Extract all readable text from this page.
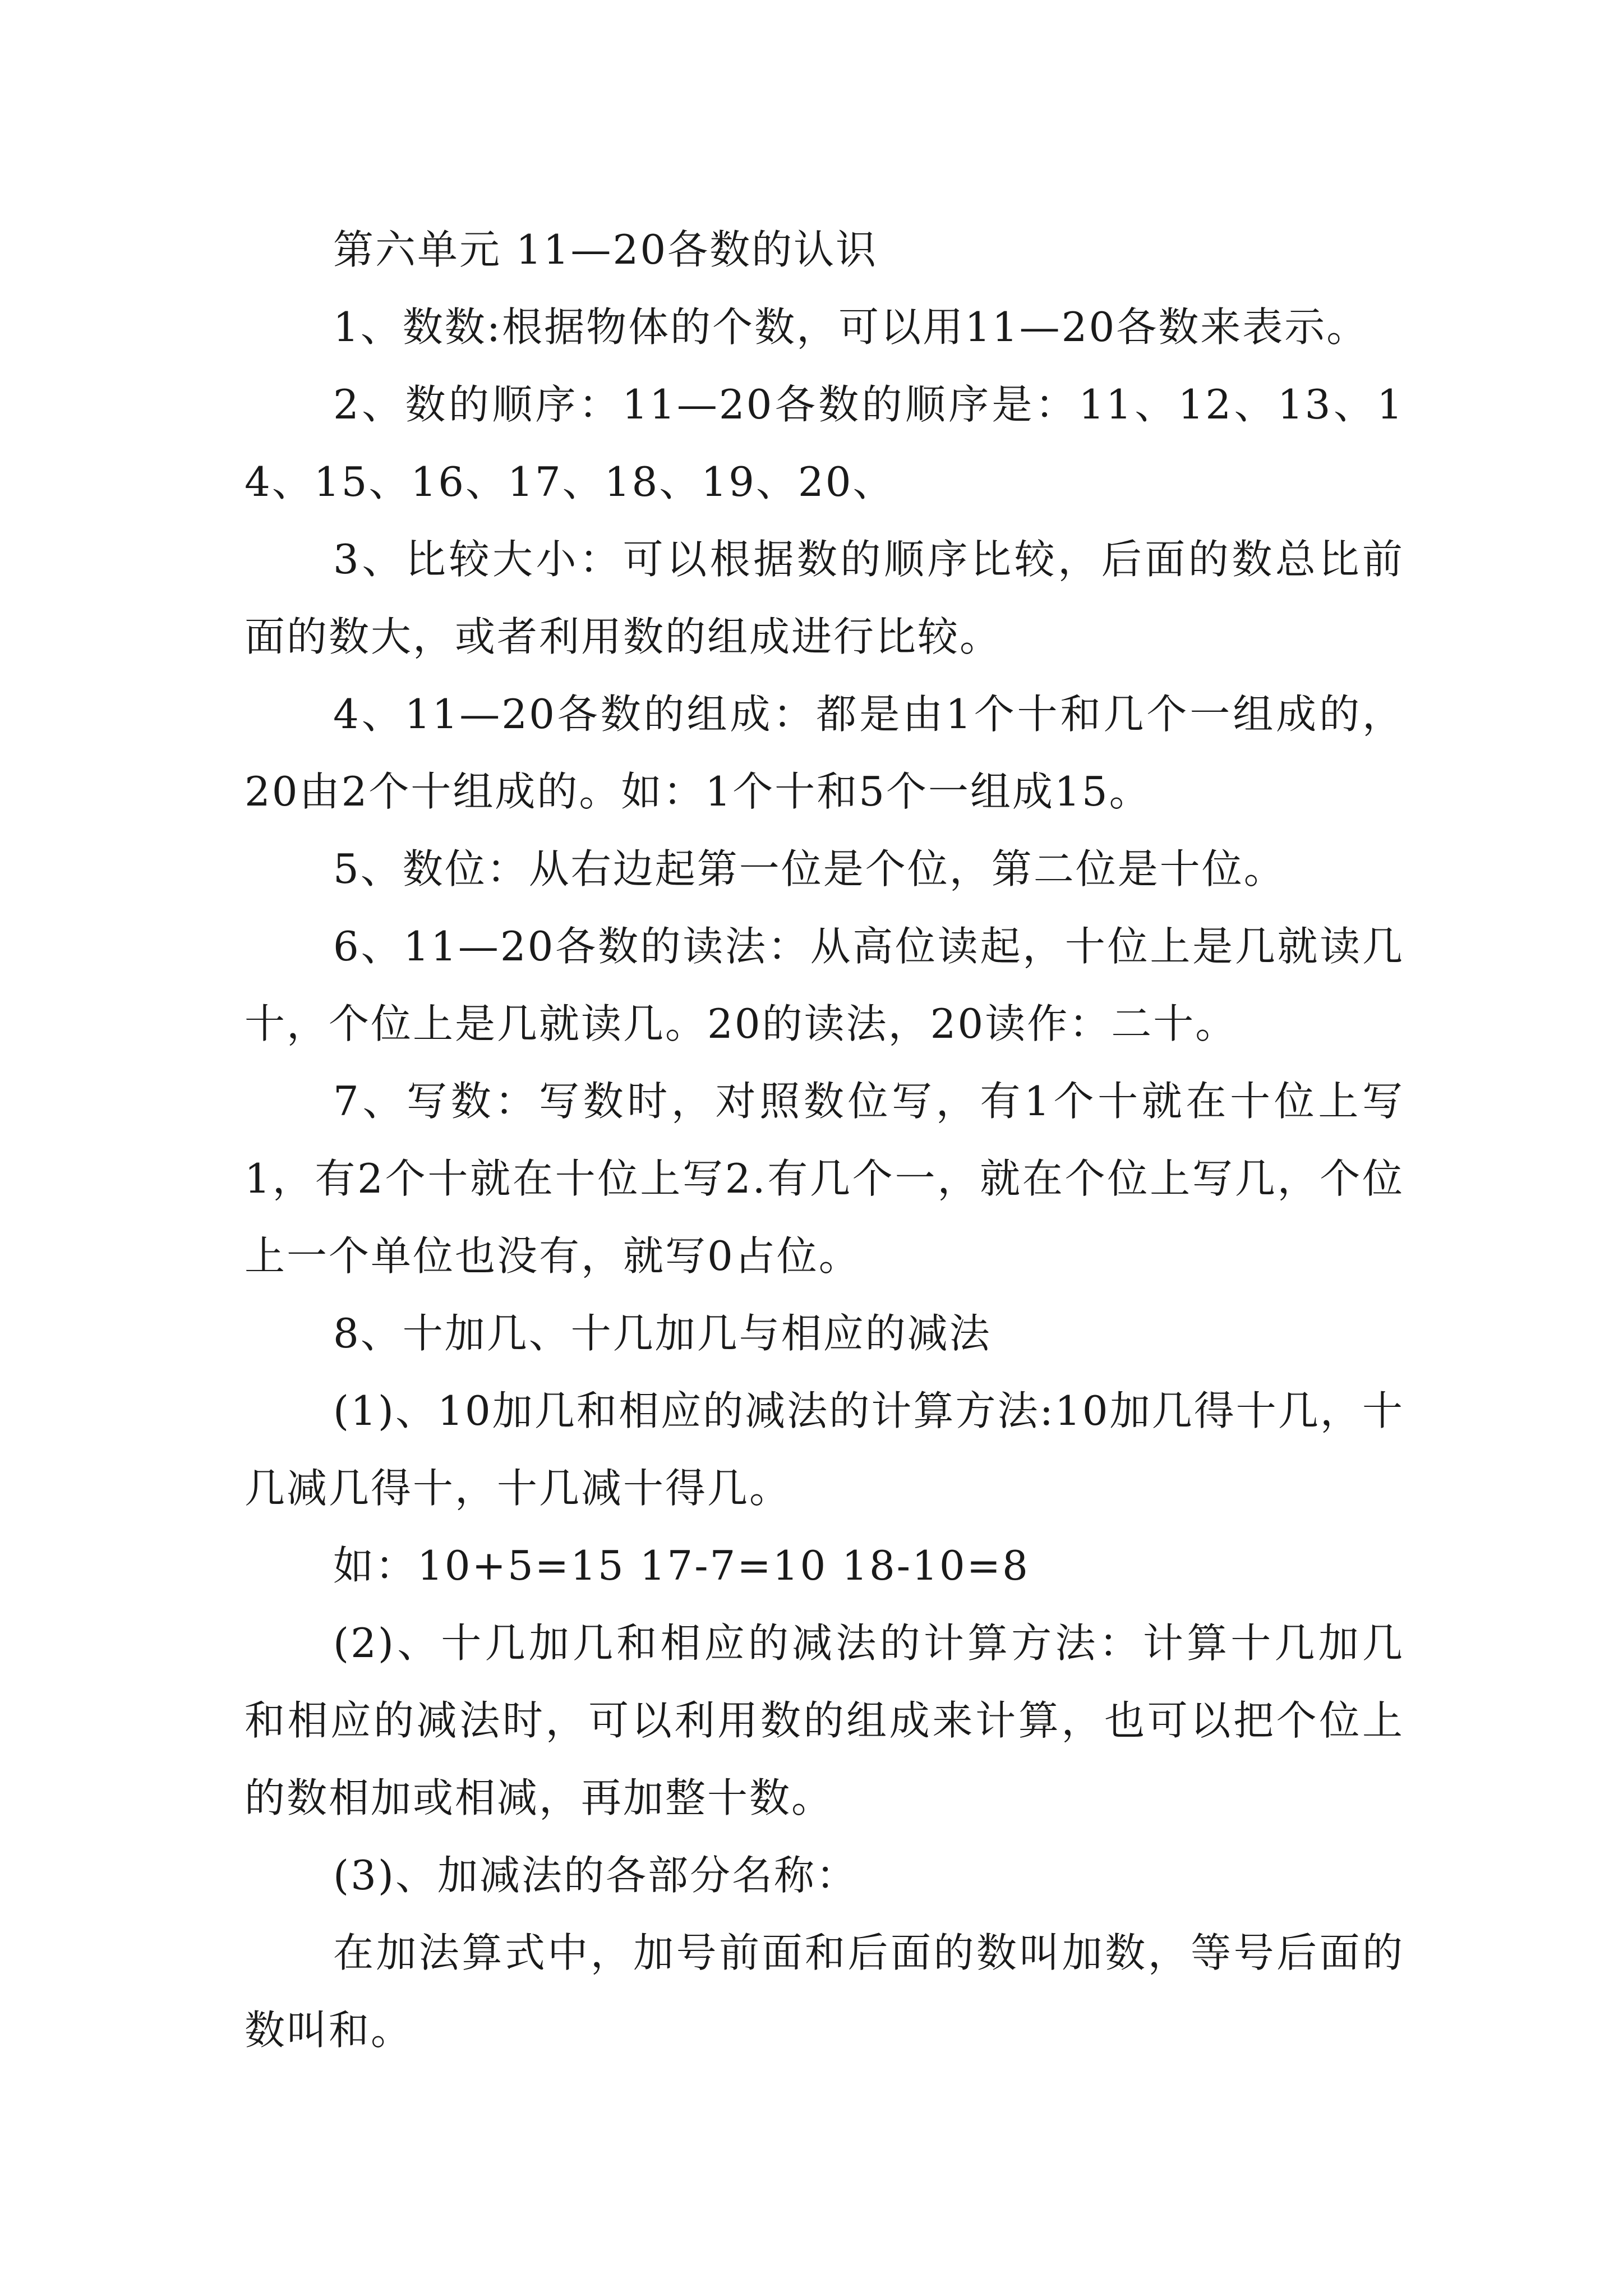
第六单元 11—20各数的认识

1、数数:根据物体的个数，可以用11—20各数来表示。

2、数的顺序：11—20各数的顺序是：11、12、13、14、15、16、17、18、19、20、

3、比较大小：可以根据数的顺序比较，后面的数总比前面的数大，或者利用数的组成进行比较。

4、11—20各数的组成：都是由1个十和几个一组成的，20由2个十组成的。如：1个十和5个一组成15。

5、数位：从右边起第一位是个位，第二位是十位。

6、11—20各数的读法：从高位读起，十位上是几就读几十，个位上是几就读几。20的读法，20读作：二十。

7、写数：写数时，对照数位写，有1个十就在十位上写1，有2个十就在十位上写2.有几个一，就在个位上写几，个位上一个单位也没有，就写0占位。

8、十加几、十几加几与相应的减法

(1)、10加几和相应的减法的计算方法:10加几得十几，十几减几得十，十几减十得几。

如：10+5=15 17-7=10 18-10=8

(2)、十几加几和相应的减法的计算方法：计算十几加几和相应的减法时，可以利用数的组成来计算，也可以把个位上的数相加或相减，再加整十数。

(3)、加减法的各部分名称：

在加法算式中，加号前面和后面的数叫加数，等号后面的数叫和。
